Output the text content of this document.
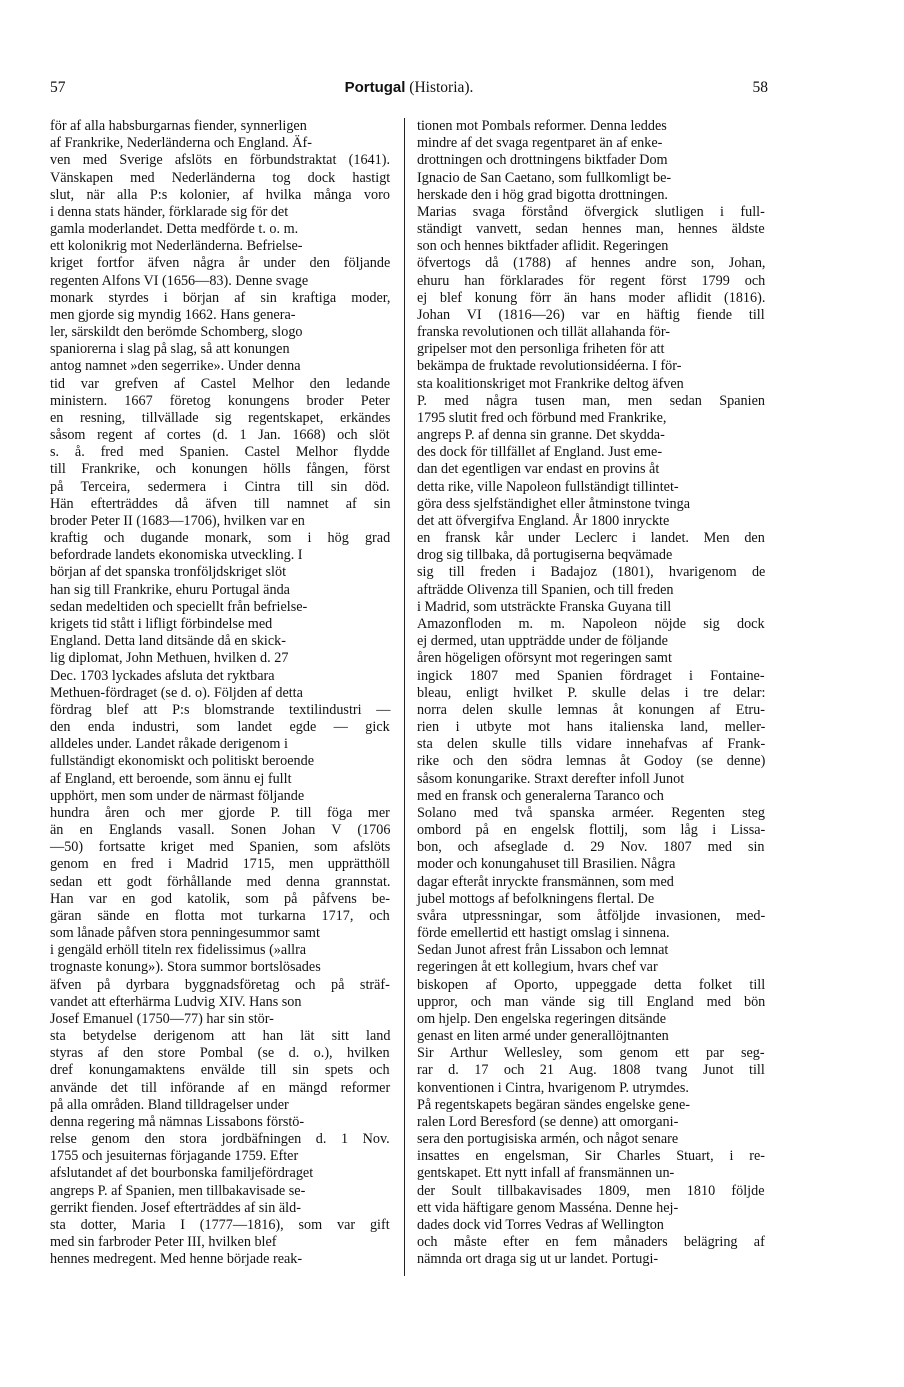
57	Portugal (Historia).	58
för af alla habsburgarnas fiender, synnerligen
af Frankrike, Nederländerna och England. Äf-
ven med Sverige afslöts en förbundstraktat (1641).
Vänskapen med Nederländerna tog dock hastigt
slut, när alla P:s kolonier, af hvilka många voro
i denna stats händer, förklarade sig för det
gamla moderlandet. Detta medförde t. o. m.
ett kolonikrig mot Nederländerna. Befrielse-
kriget fortfor äfven några år under den följande
regenten Alfons VI (1656—83). Denne svage
monark styrdes i början af sin kraftiga moder,
men gjorde sig myndig 1662. Hans genera-
ler, särskildt den berömde Schomberg, slogo
spaniorerna i slag på slag, så att konungen
antog namnet »den segerrike». Under denna
tid var grefven af Castel Melhor den ledande
ministern. 1667 företog konungens broder Peter
en resning, tillvällade sig regentskapet, erkändes
såsom regent af cortes (d. 1 Jan. 1668) och slöt
s. å. fred med Spanien. Castel Melhor flydde
till Frankrike, och konungen hölls fången, först
på Terceira, sedermera i Cintra till sin död.
Hän efterträddes då äfven till namnet af sin
broder Peter II (1683—1706), hvilken var en
kraftig och dugande monark, som i hög grad
befordrade landets ekonomiska utveckling. I
början af det spanska tronföljdskriget slöt
han sig till Frankrike, ehuru Portugal ända
sedan medeltiden och speciellt från befrielse-
krigets tid stått i lifligt förbindelse med
England. Detta land ditsände då en skick-
lig diplomat, John Methuen, hvilken d. 27
Dec. 1703 lyckades afsluta det ryktbara
Methuen-fördraget (se d. o). Följden af detta
fördrag blef att P:s blomstrande textilindustri —
den enda industri, som landet egde — gick
alldeles under. Landet råkade derigenom i
fullständigt ekonomiskt och politiskt beroende
af England, ett beroende, som ännu ej fullt
upphört, men som under de närmast följande
hundra åren och mer gjorde P. till föga mer
än en Englands vasall. Sonen Johan V (1706
—50) fortsatte kriget med Spanien, som afslöts
genom en fred i Madrid 1715, men upprätthöll
sedan ett godt förhållande med denna grannstat.
Han var en god katolik, som på påfvens be-
gäran sände en flotta mot turkarna 1717, och
som lånade påfven stora penningesummor samt
i gengäld erhöll titeln rex fidelissimus (»allra
trognaste konung»). Stora summor bortslösades
äfven på dyrbara byggnadsföretag och på sträf-
vandet att efterhärma Ludvig XIV. Hans son
Josef Emanuel (1750—77) har sin stör-
sta betydelse derigenom att han lät sitt land
styras af den store Pombal (se d. o.), hvilken
dref konungamaktens envälde till sin spets och
använde det till införande af en mängd reformer
på alla områden. Bland tilldragelser under
denna regering må nämnas Lissabons förstö-
relse genom den stora jordbäfningen d. 1 Nov.
1755 och jesuiternas förjagande 1759. Efter
afslutandet af det bourbonska familjefördraget
angreps P. af Spanien, men tillbakavisade se-
gerrikt fienden. Josef efterträddes af sin äld-
sta dotter, Maria I (1777—1816), som var gift
med sin farbroder Peter III, hvilken blef
hennes medregent. Med henne började reak-
tionen mot Pombals reformer. Denna leddes
mindre af det svaga regentparet än af enke-
drottningen och drottningens biktfader Dom
Ignacio de San Caetano, som fullkomligt be-
herskade den i hög grad bigotta drottningen.
Marias svaga förstånd öfvergick slutligen i full-
ständigt vanvett, sedan hennes man, hennes äldste
son och hennes biktfader aflidit. Regeringen
öfvertogs då (1788) af hennes andre son, Johan,
ehuru han förklarades för regent först 1799 och
ej blef konung förr än hans moder aflidit (1816).
Johan VI (1816—26) var en häftig fiende till
franska revolutionen och tillät allahanda för-
gripelser mot den personliga friheten för att
bekämpa de fruktade revolutionsidéerna. I för-
sta koalitionskriget mot Frankrike deltog äfven
P. med några tusen man, men sedan Spanien
1795 slutit fred och förbund med Frankrike,
angreps P. af denna sin granne. Det skydda-
des dock för tillfället af England. Just eme-
dan det egentligen var endast en provins åt
detta rike, ville Napoleon fullständigt tillintet-
göra dess sjelfständighet eller åtminstone tvinga
det att öfvergifva England. År 1800 inryckte
en fransk kår under Leclerc i landet. Men den
drog sig tillbaka, då portugiserna beqvämade
sig till freden i Badajoz (1801), hvarigenom de
afträdde Olivenza till Spanien, och till freden
i Madrid, som utsträckte Franska Guyana till
Amazonfloden m. m. Napoleon nöjde sig dock
ej dermed, utan uppträdde under de följande
åren högeligen oförsynt mot regeringen samt
ingick 1807 med Spanien fördraget i Fontaine-
bleau, enligt hvilket P. skulle delas i tre delar:
norra delen skulle lemnas åt konungen af Etru-
rien i utbyte mot hans italienska land, meller-
sta delen skulle tills vidare innehafvas af Frank-
rike och den södra lemnas åt Godoy (se denne)
såsom konungarike. Straxt derefter infoll Junot
med en fransk och generalerna Taranco och
Solano med två spanska arméer. Regenten steg
ombord på en engelsk flottilj, som låg i Lissa-
bon, och afseglade d. 29 Nov. 1807 med sin
moder och konungahuset till Brasilien. Några
dagar efteråt inryckte fransmännen, som med
jubel mottogs af befolkningens flertal. De
svåra utpressningar, som åtföljde invasionen, med-
förde emellertid ett hastigt omslag i sinnena.
Sedan Junot afrest från Lissabon och lemnat
regeringen åt ett kollegium, hvars chef var
biskopen af Oporto, uppeggade detta folket till
uppror, och man vände sig till England med bön
om hjelp. Den engelska regeringen ditsände
genast en liten armé under generallöjtnanten
Sir Arthur Wellesley, som genom ett par seg-
rar d. 17 och 21 Aug. 1808 tvang Junot till
konventionen i Cintra, hvarigenom P. utrymdes.
På regentskapets begäran sändes engelske gene-
ralen Lord Beresford (se denne) att omorgani-
sera den portugisiska armén, och något senare
insattes en engelsman, Sir Charles Stuart, i re-
gentskapet. Ett nytt infall af fransmännen un-
der Soult tillbakavisades 1809, men 1810 följde
ett vida häftigare genom Masséna. Denne hej-
dades dock vid Torres Vedras af Wellington
och måste efter en fem månaders belägring af
nämnda ort draga sig ut ur landet. Portugi-
